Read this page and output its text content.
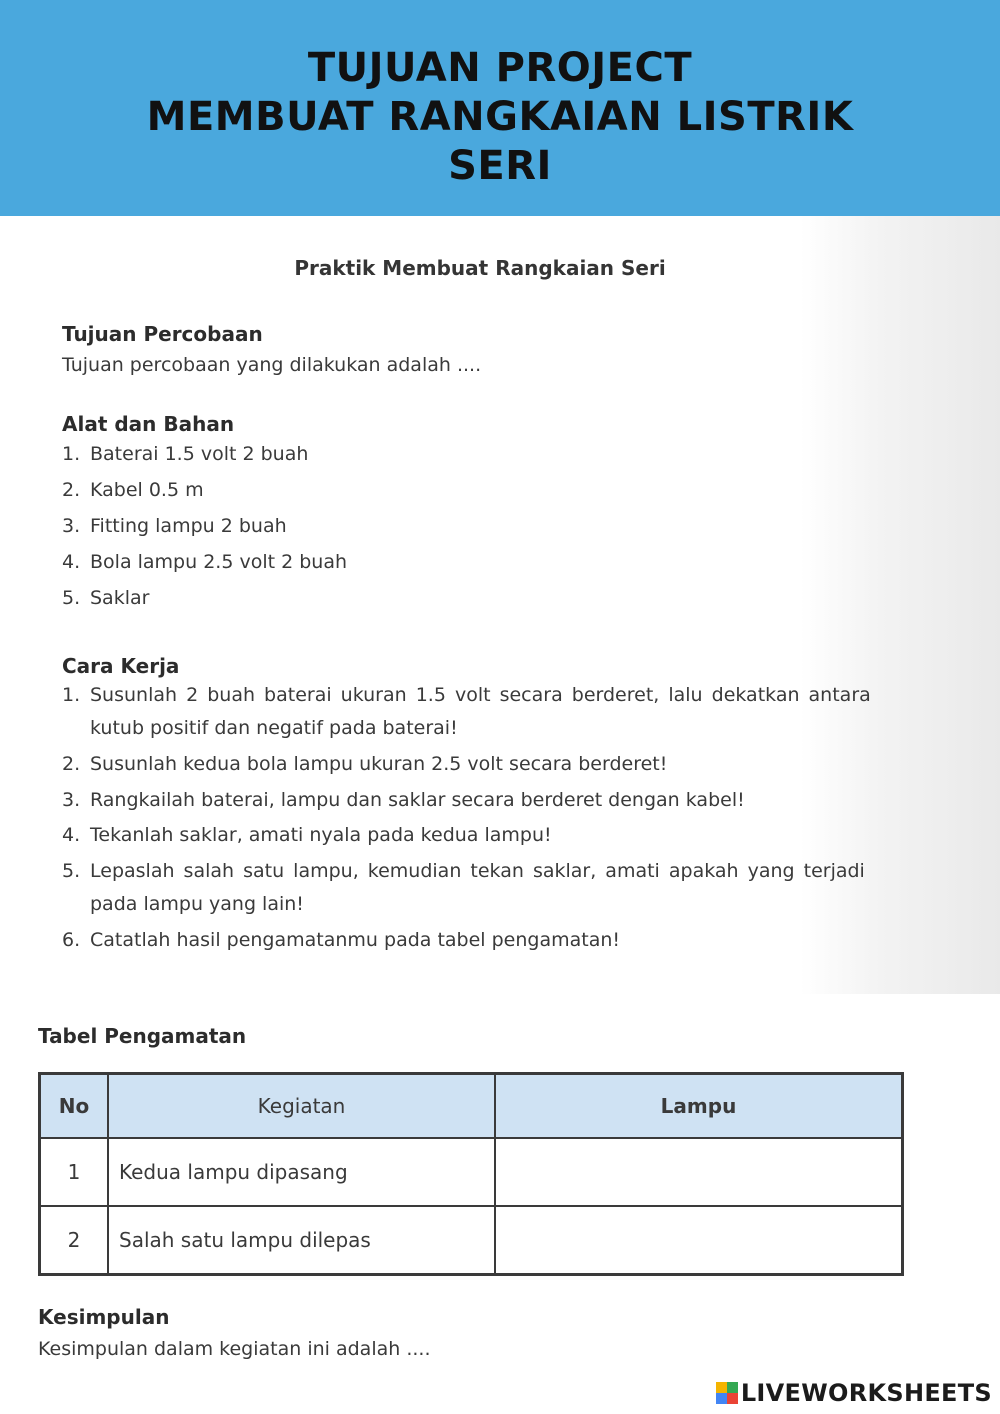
TUJUAN PROJECT
MEMBUAT RANGKAIAN LISTRIK
SERI
Praktik Membuat Rangkaian Seri
Tujuan Percobaan
Tujuan percobaan yang dilakukan adalah ....
Alat dan Bahan
1. Baterai 1.5 volt 2 buah
2. Kabel 0.5 m
3. Fitting lampu 2 buah
4. Bola lampu 2.5 volt 2 buah
5. Saklar
Cara Kerja
1. Susunlah 2 buah baterai ukuran 1.5 volt secara berderet, lalu dekatkan antara
kutub positif dan negatif pada baterai!
2. Susunlah kedua bola lampu ukuran 2.5 volt secara berderet!
3. Rangkailah baterai, lampu dan saklar secara berderet dengan kabel!
4. Tekanlah saklar, amati nyala pada kedua lampu!
5. Lepaslah salah satu lampu, kemudian tekan saklar, amati apakah yang terjadi
pada lampu yang lain!
6. Catatlah hasil pengamatanmu pada tabel pengamatan!
Tabel Pengamatan
No	Kegiatan	Lampu
1	Kedua lampu dipasang	
2	Salah satu lampu dilepas	
Kesimpulan
Kesimpulan dalam kegiatan ini adalah ....
LIVEWORKSHEETS
